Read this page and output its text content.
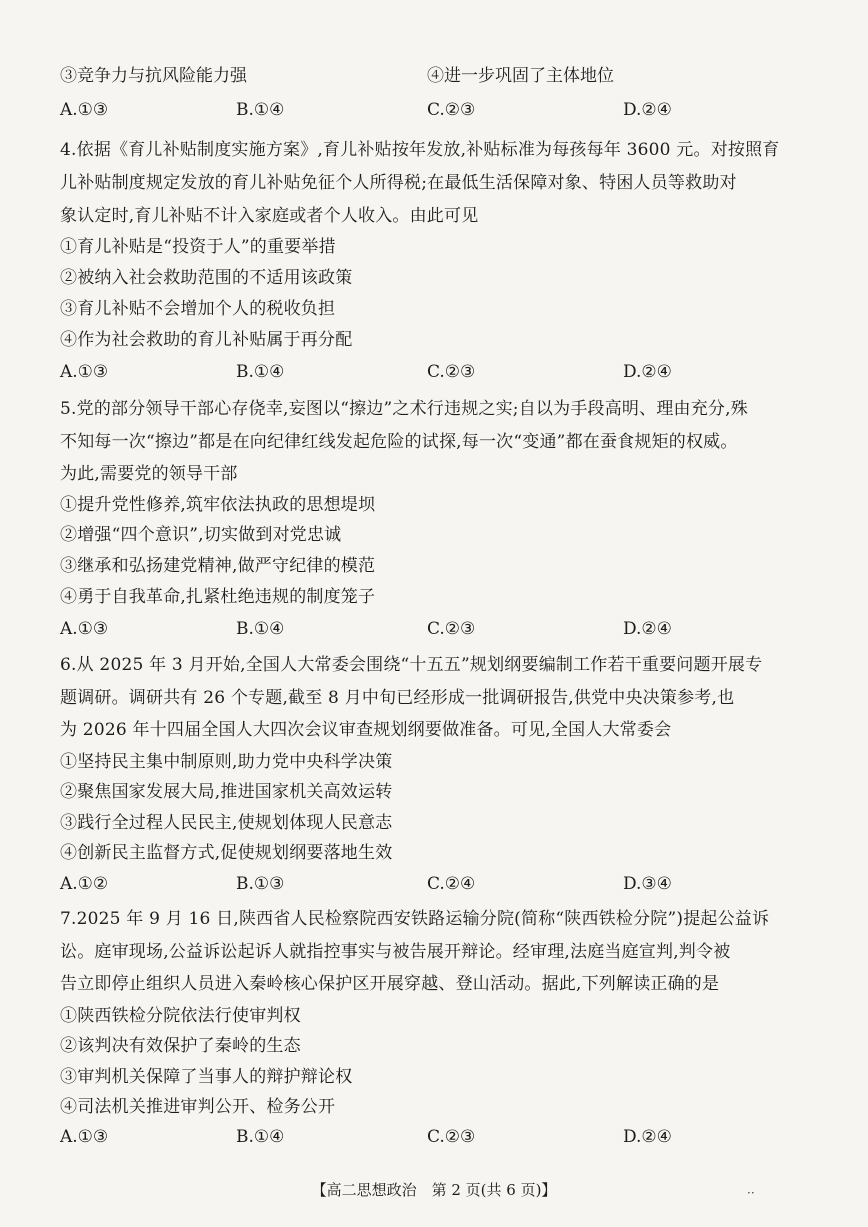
③竞争力与抗风险能力强	④进一步巩固了主体地位
A.①③	B.①④	C.②③	D.②④
4.依据《育儿补贴制度实施方案》,育儿补贴按年发放,补贴标准为每孩每年 3600 元。对按照育
儿补贴制度规定发放的育儿补贴免征个人所得税;在最低生活保障对象、特困人员等救助对
象认定时,育儿补贴不计入家庭或者个人收入。由此可见
①育儿补贴是“投资于人”的重要举措
②被纳入社会救助范围的不适用该政策
③育儿补贴不会增加个人的税收负担
④作为社会救助的育儿补贴属于再分配
A.①③	B.①④	C.②③	D.②④
5.党的部分领导干部心存侥幸,妄图以“擦边”之术行违规之实;自以为手段高明、理由充分,殊
不知每一次“擦边”都是在向纪律红线发起危险的试探,每一次“变通”都在蚕食规矩的权威。
为此,需要党的领导干部
①提升党性修养,筑牢依法执政的思想堤坝
②增强“四个意识”,切实做到对党忠诚
③继承和弘扬建党精神,做严守纪律的模范
④勇于自我革命,扎紧杜绝违规的制度笼子
A.①③	B.①④	C.②③	D.②④
6.从 2025 年 3 月开始,全国人大常委会围绕“十五五”规划纲要编制工作若干重要问题开展专
题调研。调研共有 26 个专题,截至 8 月中旬已经形成一批调研报告,供党中央决策参考,也
为 2026 年十四届全国人大四次会议审查规划纲要做准备。可见,全国人大常委会
①坚持民主集中制原则,助力党中央科学决策
②聚焦国家发展大局,推进国家机关高效运转
③践行全过程人民民主,使规划体现人民意志
④创新民主监督方式,促使规划纲要落地生效
A.①②	B.①③	C.②④	D.③④
7.2025 年 9 月 16 日,陕西省人民检察院西安铁路运输分院(简称“陕西铁检分院”)提起公益诉
讼。庭审现场,公益诉讼起诉人就指控事实与被告展开辩论。经审理,法庭当庭宣判,判令被
告立即停止组织人员进入秦岭核心保护区开展穿越、登山活动。据此,下列解读正确的是
①陕西铁检分院依法行使审判权
②该判决有效保护了秦岭的生态
③审判机关保障了当事人的辩护辩论权
④司法机关推进审判公开、检务公开
A.①③	B.①④	C.②③	D.②④
【高二思想政治　第 2 页(共 6 页)】	··
